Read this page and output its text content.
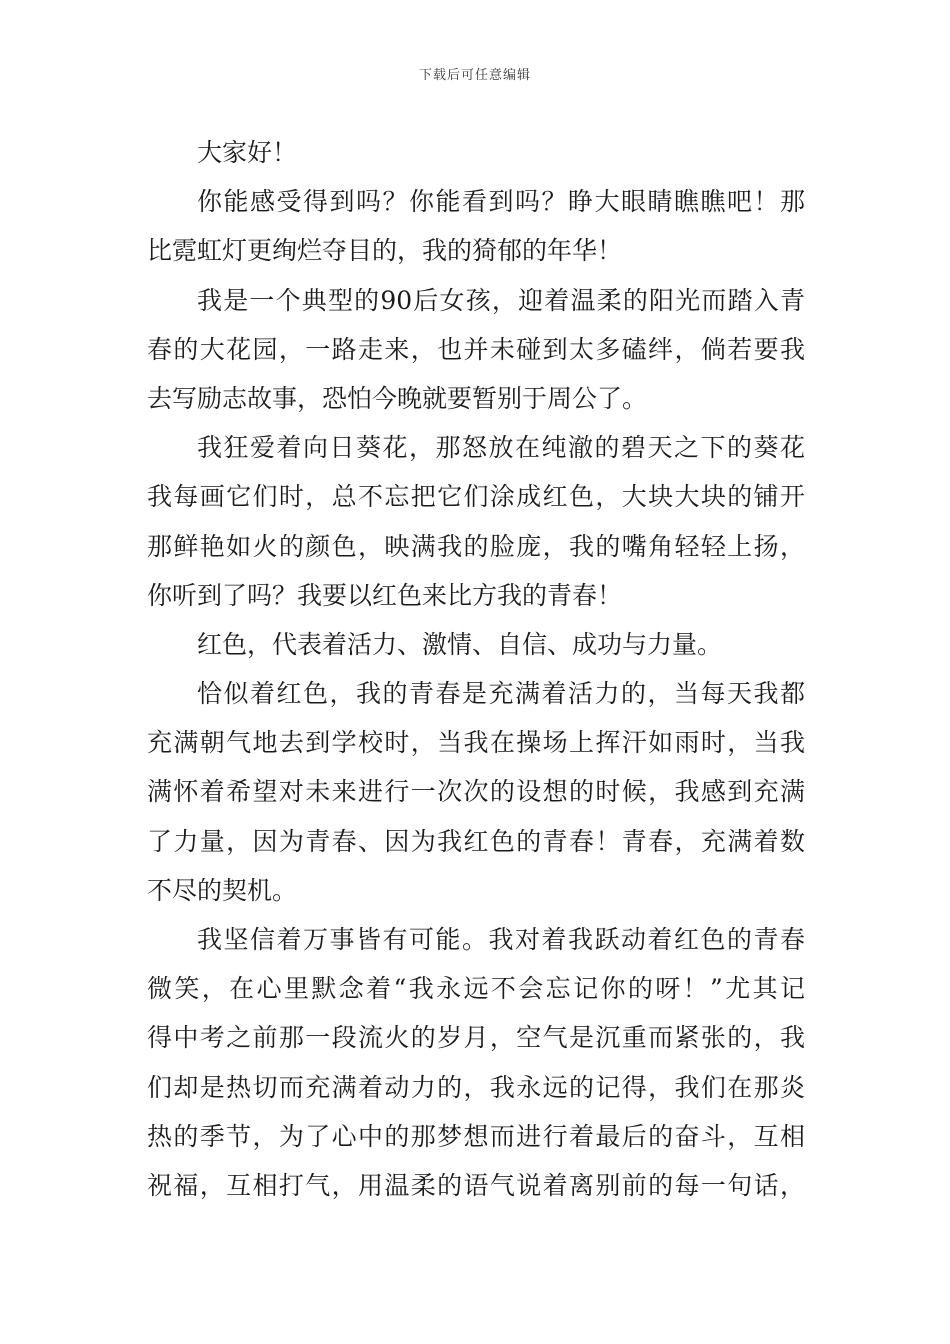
下载后可任意编辑
大家好！
你能感受得到吗？你能看到吗？睁大眼睛瞧瞧吧！那
比霓虹灯更绚烂夺目的，我的猗郁的年华！
我是一个典型的90后女孩，迎着温柔的阳光而踏入青
春的大花园，一路走来，也并未碰到太多磕绊，倘若要我
去写励志故事，恐怕今晚就要暂别于周公了。
我狂爱着向日葵花，那怒放在纯澈的碧天之下的葵花
我每画它们时，总不忘把它们涂成红色，大块大块的铺开
那鲜艳如火的颜色，映满我的脸庞，我的嘴角轻轻上扬，
你听到了吗？我要以红色来比方我的青春！
红色，代表着活力、激情、自信、成功与力量。
恰似着红色，我的青春是充满着活力的，当每天我都
充满朝气地去到学校时，当我在操场上挥汗如雨时，当我
满怀着希望对未来进行一次次的设想的时候，我感到充满
了力量，因为青春、因为我红色的青春！青春，充满着数
不尽的契机。
我坚信着万事皆有可能。我对着我跃动着红色的青春
微笑，在心里默念着“我永远不会忘记你的呀！”尤其记
得中考之前那一段流火的岁月，空气是沉重而紧张的，我
们却是热切而充满着动力的，我永远的记得，我们在那炎
热的季节，为了心中的那梦想而进行着最后的奋斗，互相
祝福，互相打气，用温柔的语气说着离别前的每一句话，
